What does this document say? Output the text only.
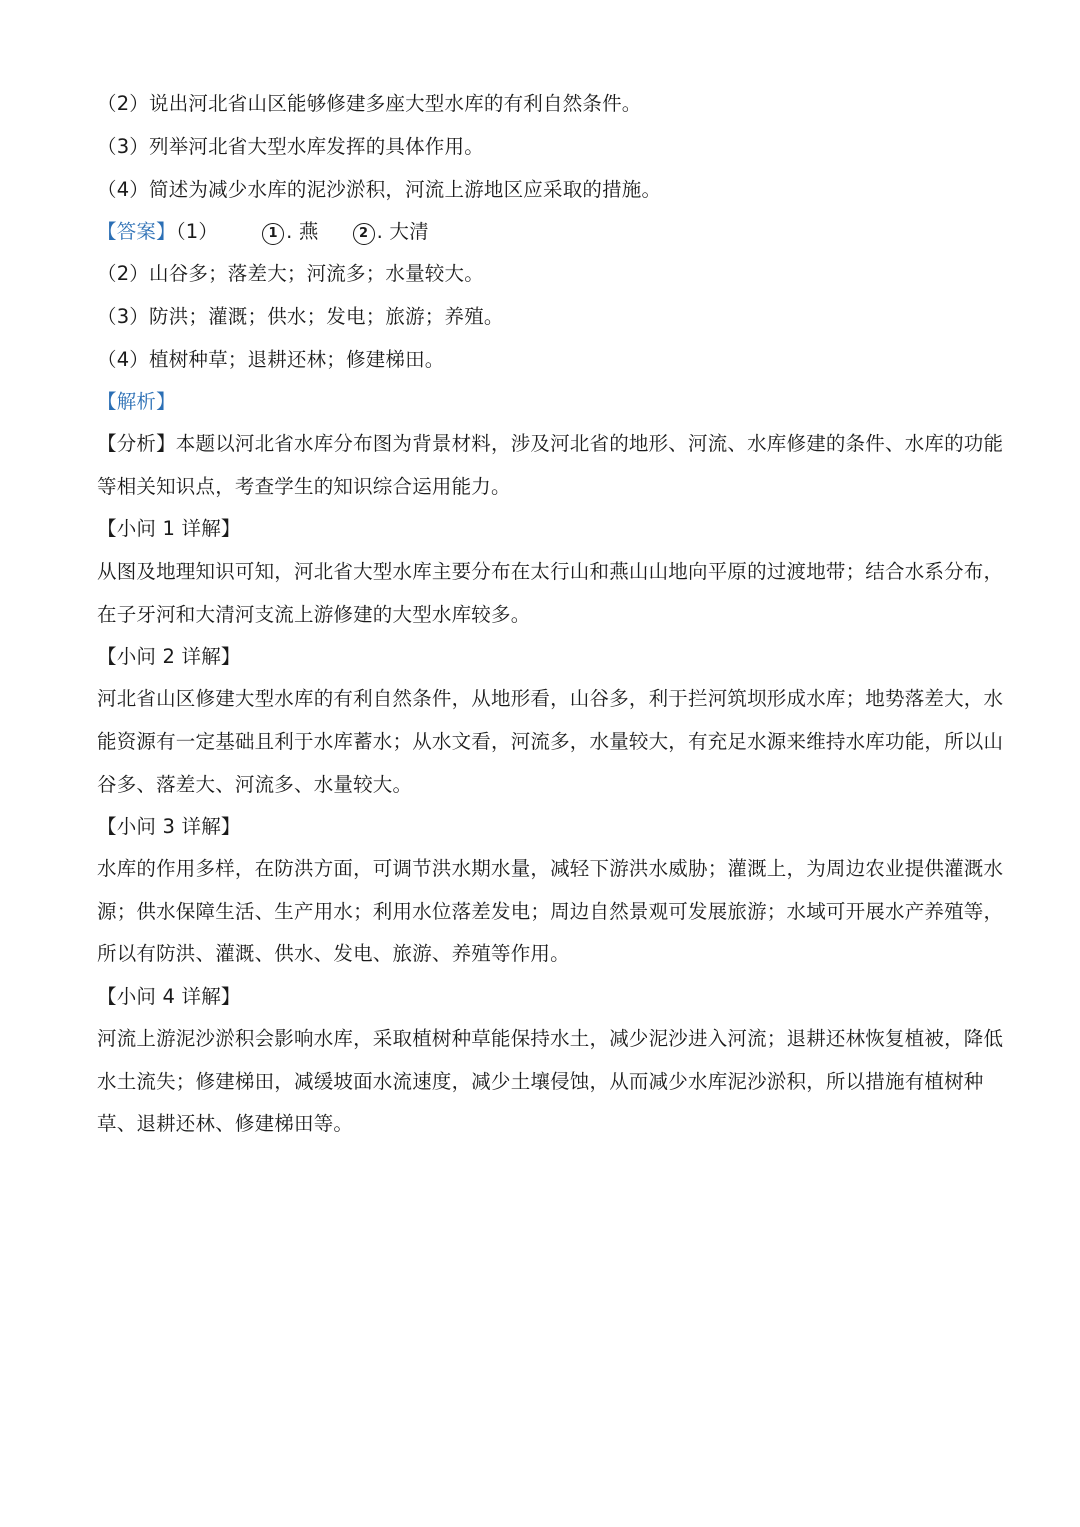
（2）说出河北省山区能够修建多座大型水库的有利自然条件。
（3）列举河北省大型水库发挥的具体作用。
（4）简述为减少水库的泥沙淤积，河流上游地区应采取的措施。
【答案】（1）	1 . 燕	2 . 大清
（2）山谷多；落差大；河流多；水量较大。
（3）防洪；灌溉；供水；发电；旅游；养殖。
（4）植树种草；退耕还林；修建梯田。
【解析】
【分析】本题以河北省水库分布图为背景材料，涉及河北省的地形、河流、水库修建的条件、水库的功能
等相关知识点，考查学生的知识综合运用能力。
【小问 1 详解】
从图及地理知识可知，河北省大型水库主要分布在太行山和燕山山地向平原的过渡地带；结合水系分布，
在子牙河和大清河支流上游修建的大型水库较多。
【小问 2 详解】
河北省山区修建大型水库的有利自然条件，从地形看，山谷多，利于拦河筑坝形成水库；地势落差大，水
能资源有一定基础且利于水库蓄水；从水文看，河流多，水量较大，有充足水源来维持水库功能，所以山
谷多、落差大、河流多、水量较大。
【小问 3 详解】
水库的作用多样，在防洪方面，可调节洪水期水量，减轻下游洪水威胁；灌溉上，为周边农业提供灌溉水
源；供水保障生活、生产用水；利用水位落差发电；周边自然景观可发展旅游；水域可开展水产养殖等，
所以有防洪、灌溉、供水、发电、旅游、养殖等作用。
【小问 4 详解】
河流上游泥沙淤积会影响水库，采取植树种草能保持水土，减少泥沙进入河流；退耕还林恢复植被，降低
水土流失；修建梯田，减缓坡面水流速度，减少土壤侵蚀，从而减少水库泥沙淤积，所以措施有植树种
草、退耕还林、修建梯田等。
